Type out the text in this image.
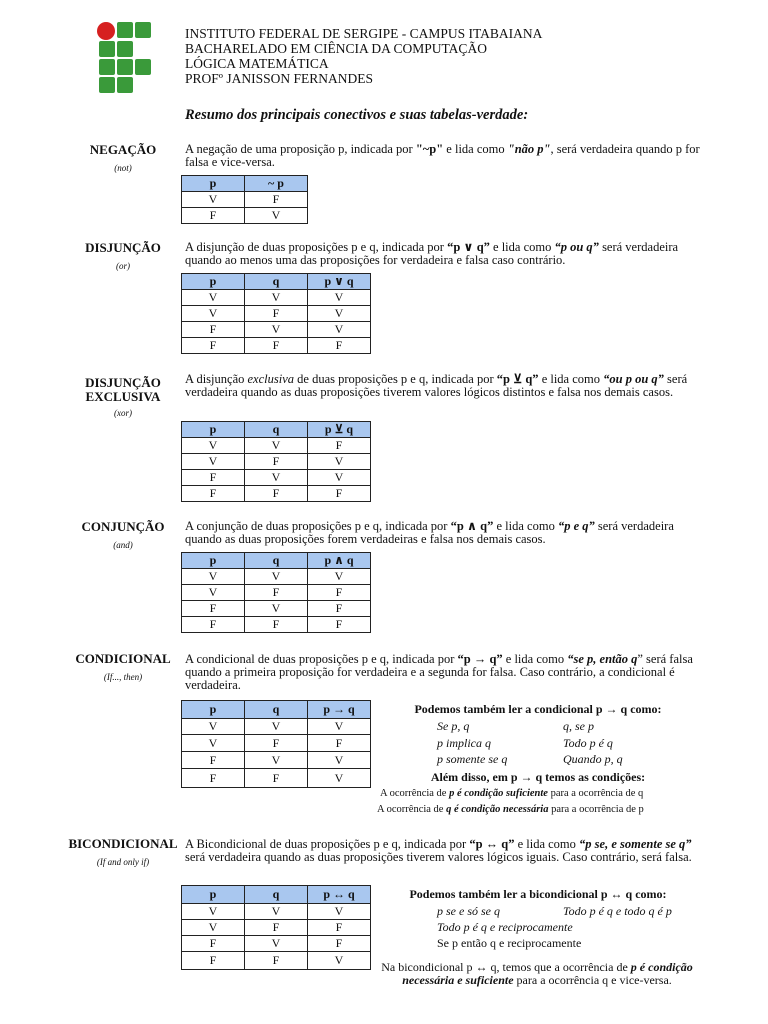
INSTITUTO FEDERAL DE SERGIPE - CAMPUS ITABAIANA
BACHARELADO EM CIÊNCIA DA COMPUTAÇÃO
LÓGICA MATEMÁTICA
PROFº JANISSON FERNANDES
Resumo dos principais conectivos e suas tabelas-verdade:
NEGAÇÃO
(not)
A negação de uma proposição p, indicada por "~p" e lida como "não p", será verdadeira quando p for falsa e vice-versa.
p	~ p
V	F
F	V
DISJUNÇÃO
(or)
A disjunção de duas proposições p e q, indicada por “p ∨ q” e lida como “p ou q” será verdadeira quando ao menos uma das proposições for verdadeira e falsa caso contrário.
p	q	p ∨ q
V	V	V
V	F	V
F	V	V
F	F	F
DISJUNÇÃO
EXCLUSIVA
(xor)
A disjunção exclusiva de duas proposições p e q, indicada por “p ⊻ q” e lida como “ou p ou q” será verdadeira quando as duas proposições tiverem valores lógicos distintos e falsa nos demais casos.
p	q	p ⊻ q
V	V	F
V	F	V
F	V	V
F	F	F
CONJUNÇÃO
(and)
A conjunção de duas proposições p e q, indicada por “p ∧ q” e lida como “p e q” será verdadeira quando as duas proposições forem verdadeiras e falsa nos demais casos.
p	q	p ∧ q
V	V	V
V	F	F
F	V	F
F	F	F
CONDICIONAL
(If..., then)
A condicional de duas proposições p e q, indicada por “p → q” e lida como “se p, então q” será falsa quando a primeira proposição for verdadeira e a segunda for falsa. Caso contrário, a condicional é verdadeira.
p	q	p → q
V	V	V
V	F	F
F	V	V
F	F	V
Podemos também ler a condicional p → q como:
Se p, q	q, se p
p implica q	Todo p é q
p somente se q	Quando p, q
Além disso, em p → q temos as condições:
A ocorrência de p é condição suficiente para a ocorrência de q
A ocorrência de q é condição necessária para a ocorrência de p
BICONDICIONAL
(If and only if)
A Bicondicional de duas proposições p e q, indicada por “p ↔ q” e lida como “p se, e somente se q” será verdadeira quando as duas proposições tiverem valores lógicos iguais. Caso contrário, será falsa.
p	q	p ↔ q
V	V	V
V	F	F
F	V	F
F	F	V
Podemos também ler a bicondicional p ↔ q como:
p se e só se q	Todo p é q e todo q é p
Todo p é q e reciprocamente
Se p então q e reciprocamente
Na bicondicional p ↔ q, temos que a ocorrência de p é condição necessária e suficiente para a ocorrência q e vice-versa.
